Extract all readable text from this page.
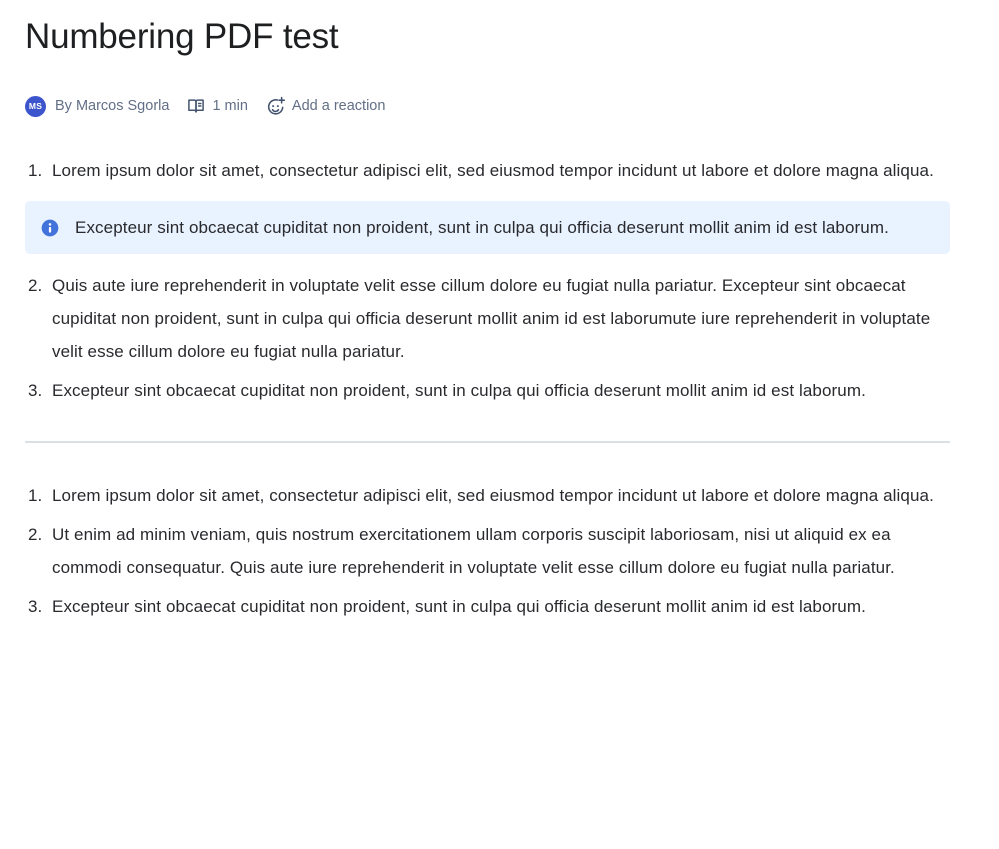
Numbering PDF test
MS By Marcos Sgorla	1 min	Add a reaction
1. Lorem ipsum dolor sit amet, consectetur adipisci elit, sed eiusmod tempor incidunt ut labore et dolore magna aliqua.
Excepteur sint obcaecat cupiditat non proident, sunt in culpa qui officia deserunt mollit anim id est laborum.
2. Quis aute iure reprehenderit in voluptate velit esse cillum dolore eu fugiat nulla pariatur. Excepteur sint obcaecat cupiditat non proident, sunt in culpa qui officia deserunt mollit anim id est laborumute iure reprehenderit in voluptate velit esse cillum dolore eu fugiat nulla pariatur.
3. Excepteur sint obcaecat cupiditat non proident, sunt in culpa qui officia deserunt mollit anim id est laborum.
1. Lorem ipsum dolor sit amet, consectetur adipisci elit, sed eiusmod tempor incidunt ut labore et dolore magna aliqua.
2. Ut enim ad minim veniam, quis nostrum exercitationem ullam corporis suscipit laboriosam, nisi ut aliquid ex ea commodi consequatur. Quis aute iure reprehenderit in voluptate velit esse cillum dolore eu fugiat nulla pariatur.
3. Excepteur sint obcaecat cupiditat non proident, sunt in culpa qui officia deserunt mollit anim id est laborum.
